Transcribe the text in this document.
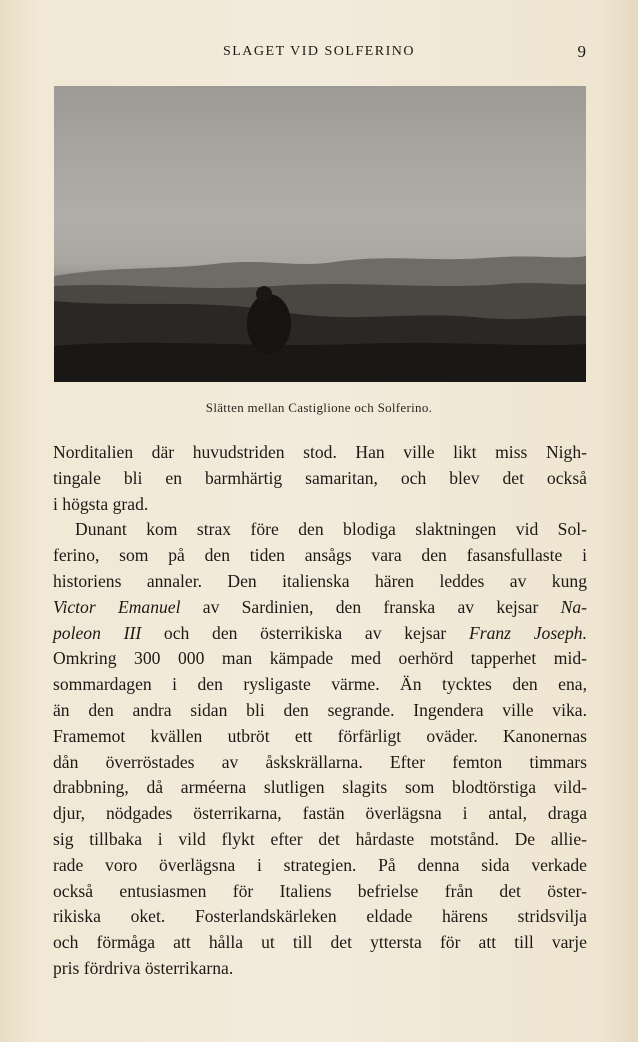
SLAGET VID SOLFERINO	9
Slätten mellan Castiglione och Solferino.
Norditalien där huvudstriden stod. Han ville likt miss Nigh-
tingale bli en barmhärtig samaritan, och blev det också
i högsta grad.
Dunant kom strax före den blodiga slaktningen vid Sol-
ferino, som på den tiden ansågs vara den fasansfullaste i
historiens annaler. Den italienska hären leddes av kung
Victor Emanuel av Sardinien, den franska av kejsar Na-
poleon III och den österrikiska av kejsar Franz Joseph.
Omkring 300 000 man kämpade med oerhörd tapperhet mid-
sommardagen i den rysligaste värme. Än tycktes den ena,
än den andra sidan bli den segrande. Ingendera ville vika.
Framemot kvällen utbröt ett förfärligt oväder. Kanonernas
dån överröstades av åskskrällarna. Efter femton timmars
drabbning, då arméerna slutligen slagits som blodtörstiga vild-
djur, nödgades österrikarna, fastän överlägsna i antal, draga
sig tillbaka i vild flykt efter det hårdaste motstånd. De allie-
rade voro överlägsna i strategien. På denna sida verkade
också entusiasmen för Italiens befrielse från det öster-
rikiska oket. Fosterlandskärleken eldade härens stridsvilja
och förmåga att hålla ut till det yttersta för att till varje
pris fördriva österrikarna.
